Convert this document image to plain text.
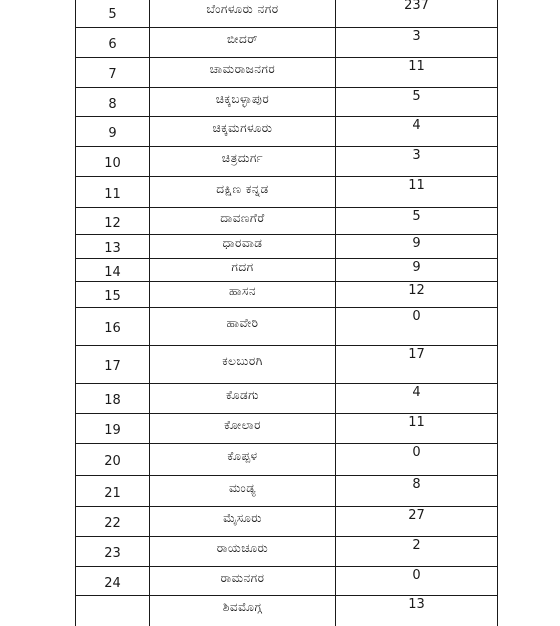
5	ಬೆಂಗಳೂರು ನಗರ	237
6	ಬೀದರ್	3
7	ಚಾಮರಾಜನಗರ	11
8	ಚಿಕ್ಕಬಳ್ಳಾಪುರ	5
9	ಚಿಕ್ಕಮಗಳೂರು	4
10	ಚಿತ್ರದುರ್ಗ	3
11	ದಕ್ಷಿಣ ಕನ್ನಡ	11
12	ದಾವಣಗೆರೆ	5
13	ಧಾರವಾಡ	9
14	ಗದಗ	9
15	ಹಾಸನ	12
16	ಹಾವೇರಿ	0
17	ಕಲಬುರಗಿ	17
18	ಕೊಡಗು	4
19	ಕೋಲಾರ	11
20	ಕೊಪ್ಪಳ	0
21	ಮಂಡ್ಯ	8
22	ಮೈಸೂರು	27
23	ರಾಯಚೂರು	2
24	ರಾಮನಗರ	0
	ಶಿವಮೊಗ್ಗ	13
